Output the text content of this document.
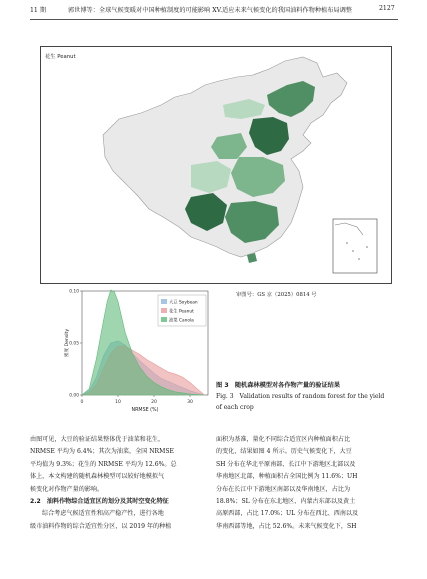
11 期	郭世博等：全球气候变暖对中国种植制度的可能影响 XV.适应未来气候变化的我国油料作物种植布局调整	2127
花生 Peanut
审图号：GS 京（2025）0814 号
0	10	20	30
0.00
0.05
0.10
NRMSE (%)
密度 Density
大豆 Soybean
花生 Peanut
油菜 Canola
图 3　随机森林模型对各作物产量的验证结果
Fig. 3　Validation results of random forest for the yield of each crop
由图可见，大豆的验证结果整体优于油菜和花生，
NRMSE 平均为 6.4%；其次为油菜，全国 NRMSE
平均值为 9.3%；花生的 NRMSE 平均为 12.6%。总
体上，本文构建的随机森林模型可以较好地模拟气
候变化对作物产量的影响。
2.2　油料作物综合适宜区的划分及其时空变化特征
综合考虑气候适宜性和高产稳产性，进行各地
级市油料作物的综合适宜性分区，以 2019 年的种植
面积为基准，量化不同综合适宜区内种植面积占比
的变化，结果如图 4 所示。历史气候变化下，大豆
SH 分布在华北平原南部、长江中下游地区北部以及
华南地区北部，种植面积占全国比例为 11.6%；UH
分布在长江中下游地区南部以及华南地区，占比为
18.8%；SL 分布在东北地区、内蒙古东部以及黄土
高原西部，占比 17.0%；UL 分布在西北、西南以及
华南西部等地，占比 52.6%。未来气候变化下，SH
